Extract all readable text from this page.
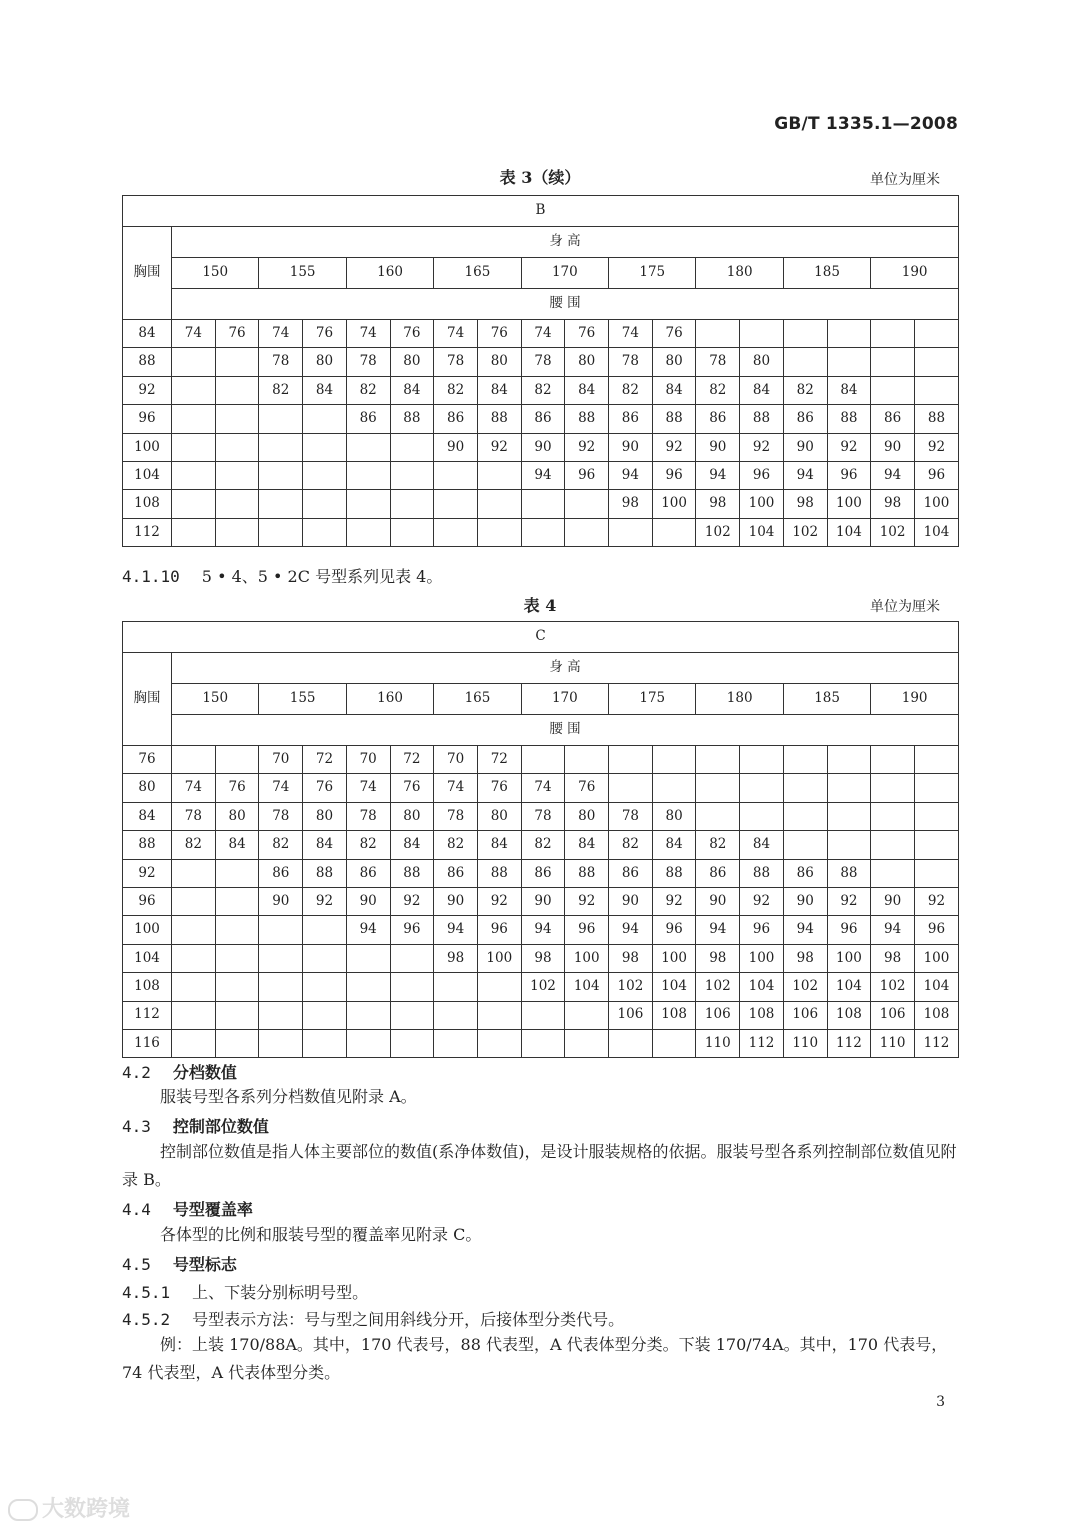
GB/T 1335.1—2008
表 3（续）	单位为厘米
B																		
胸围	身 高																	
	150		155		160		165		170		175		180		185		190	
	腰 围																	
84	74	76	74	76	74	76	74	76	74	76	74	76						
88			78	80	78	80	78	80	78	80	78	80	78	80				
92			82	84	82	84	82	84	82	84	82	84	82	84	82	84		
96					86	88	86	88	86	88	86	88	86	88	86	88	86	88
100							90	92	90	92	90	92	90	92	90	92	90	92
104									94	96	94	96	94	96	94	96	94	96
108											98	100	98	100	98	100	98	100
112													102	104	102	104	102	104
4.1.10 5 • 4、5 • 2C 号型系列见表 4。
表 4	单位为厘米
C																		
胸围	身 高																	
	150		155		160		165		170		175		180		185		190	
	腰 围																	
76			70	72	70	72	70	72										
80	74	76	74	76	74	76	74	76	74	76								
84	78	80	78	80	78	80	78	80	78	80	78	80						
88	82	84	82	84	82	84	82	84	82	84	82	84	82	84				
92			86	88	86	88	86	88	86	88	86	88	86	88	86	88		
96			90	92	90	92	90	92	90	92	90	92	90	92	90	92	90	92
100					94	96	94	96	94	96	94	96	94	96	94	96	94	96
104							98	100	98	100	98	100	98	100	98	100	98	100
108									102	104	102	104	102	104	102	104	102	104
112											106	108	106	108	106	108	106	108
116													110	112	110	112	110	112
4.2 分档数值
服装号型各系列分档数值见附录 A。
4.3 控制部位数值
控制部位数值是指人体主要部位的数值(系净体数值)，是设计服装规格的依据。服装号型各系列控制部位数值见附录 B。
4.4 号型覆盖率
各体型的比例和服装号型的覆盖率见附录 C。
4.5 号型标志
4.5.1 上、下装分别标明号型。
4.5.2 号型表示方法：号与型之间用斜线分开，后接体型分类代号。
例：上装 170/88A。其中，170 代表号，88 代表型，A 代表体型分类。下装 170/74A。其中，170 代表号，74 代表型，A 代表体型分类。
3
大数跨境
